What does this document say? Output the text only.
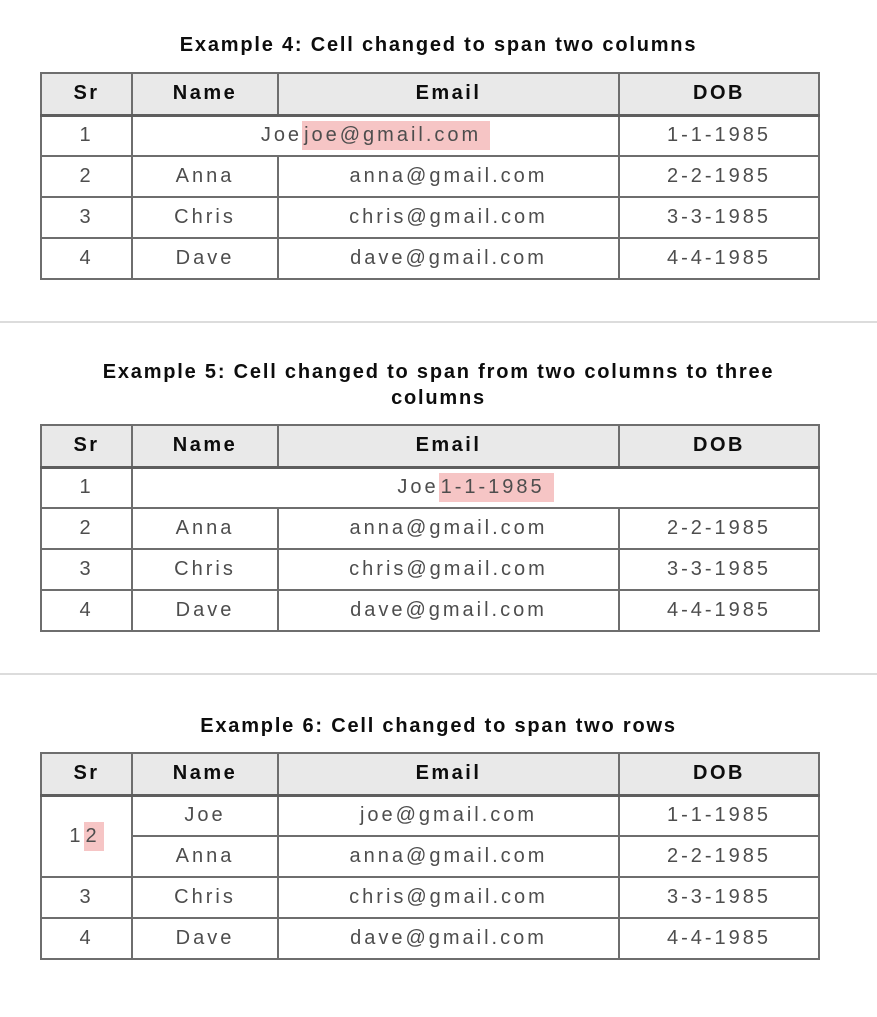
Example 4: Cell changed to span two columns
Sr	Name	Email	DOB
1	Joe joe@gmail.com		1-1-1985
2	Anna	anna@gmail.com	2-2-1985
3	Chris	chris@gmail.com	3-3-1985
4	Dave	dave@gmail.com	4-4-1985
Example 5: Cell changed to span from two columns to three columns
Sr	Name	Email	DOB
1	Joe 1-1-1985		
2	Anna	anna@gmail.com	2-2-1985
3	Chris	chris@gmail.com	3-3-1985
4	Dave	dave@gmail.com	4-4-1985
Example 6: Cell changed to span two rows
Sr	Name	Email	DOB
1 2	Joe	joe@gmail.com	1-1-1985
	Anna	anna@gmail.com	2-2-1985
3	Chris	chris@gmail.com	3-3-1985
4	Dave	dave@gmail.com	4-4-1985
